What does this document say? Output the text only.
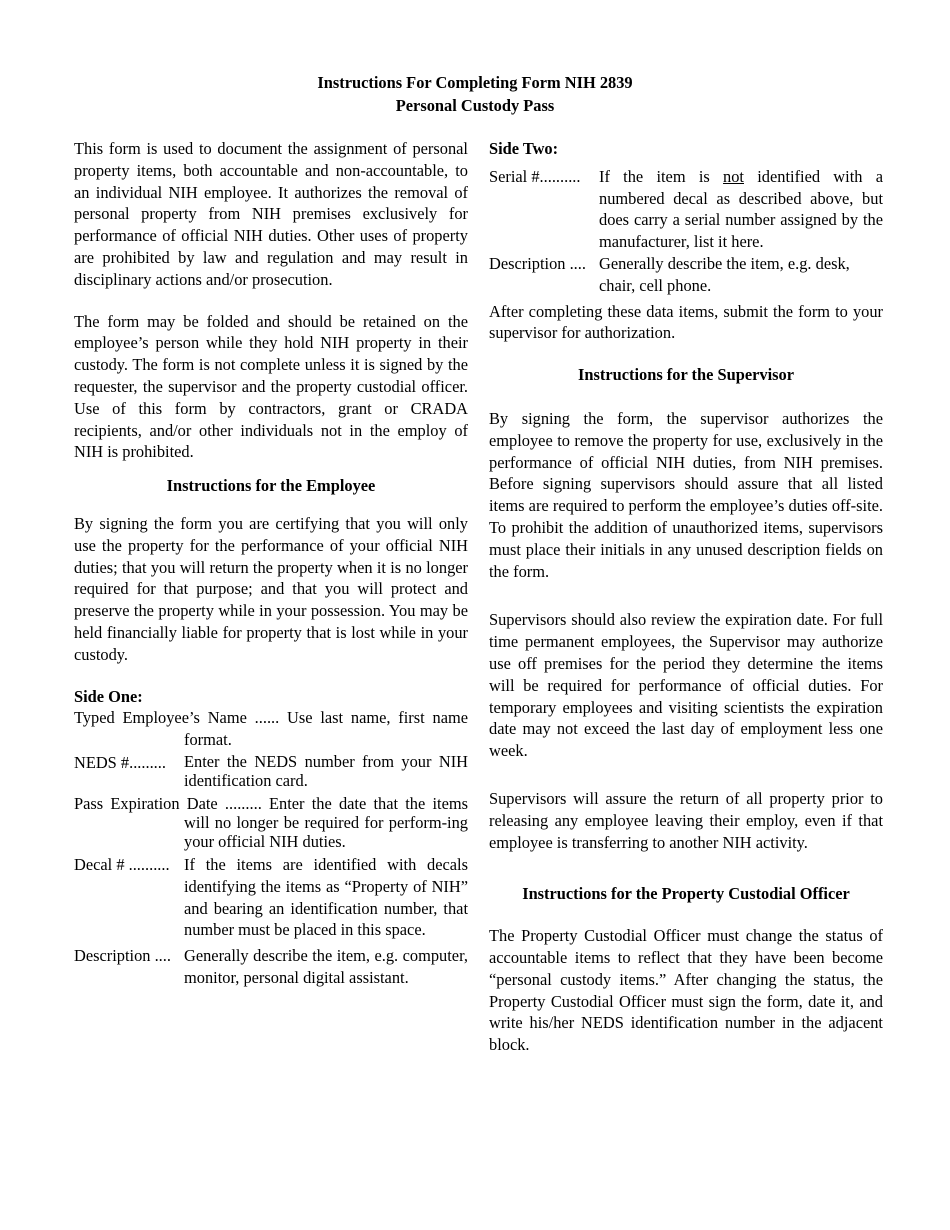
Instructions For Completing Form NIH 2839
Personal Custody Pass

This form is used to document the assignment of personal property items, both accountable and non-accountable, to an individual NIH employee. It authorizes the removal of personal property from NIH premises exclusively for performance of official NIH duties. Other uses of property are prohibited by law and regulation and may result in disciplinary actions and/or prosecution.

The form may be folded and should be retained on the employee’s person while they hold NIH property in their custody. The form is not complete unless it is signed by the requester, the supervisor and the property custodial officer. Use of this form by contractors, grant or CRADA recipients, and/or other individuals not in the employ of NIH is prohibited.

Instructions for the Employee

By signing the form you are certifying that you will only use the property for the performance of your official NIH duties; that you will return the property when it is no longer required for that purpose; and that you will protect and preserve the property while in your possession. You may be held financially liable for property that is lost while in your custody.

Side One:

Typed Employee’s Name ...... Use last name, first name format.

NEDS #.........	Enter the NEDS number from your NIH identification card.

Pass Expiration Date ......... Enter the date that the items will no longer be required for perform-ing your official NIH duties.

Decal # .......... If the items are identified with decals identifying the items as “Property of NIH” and bearing an identification number, that number must be placed in this space.
Description .... Generally describe the item, e.g. computer, monitor, personal digital assistant.

Side Two:

Serial #..........	If the item is not identified with a numbered decal as described above, but does carry a serial number assigned by the manufacturer, list it here.
Description .... Generally describe the item, e.g. desk, chair, cell phone.

After completing these data items, submit the form to your supervisor for authorization.

Instructions for the Supervisor

By signing the form, the supervisor authorizes the employee to remove the property for use, exclusively in the performance of official NIH duties, from NIH premises. Before signing supervisors should assure that all listed items are required to perform the employee’s duties off-site. To prohibit the addition of unauthorized items, supervisors must place their initials in any unused description fields on the form.

Supervisors should also review the expiration date. For full time permanent employees, the Supervisor may authorize use off premises for the period they determine the items will be required for performance of official duties. For temporary employees and visiting scientists the expiration date may not exceed the last day of employment less one week.

Supervisors will assure the return of all property prior to releasing any employee leaving their employ, even if that employee is transferring to another NIH activity.

Instructions for the Property Custodial Officer

The Property Custodial Officer must change the status of accountable items to reflect that they have been become “personal custody items.” After changing the status, the Property Custodial Officer must sign the form, date it, and write his/her NEDS identification number in the adjacent block.
